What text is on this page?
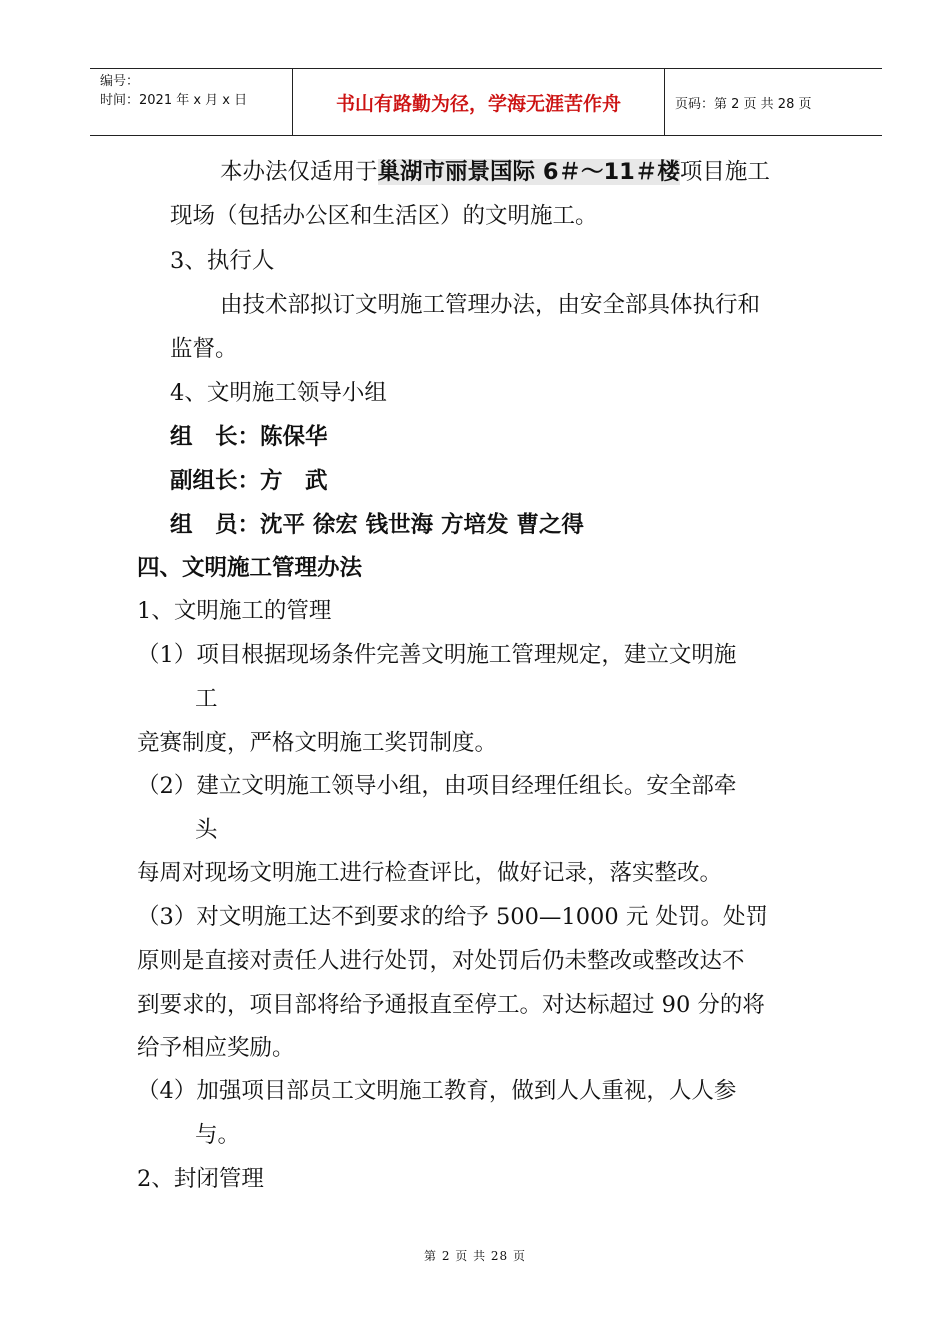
编号：
时间：2021 年 x 月 x 日	书山有路勤为径，学海无涯苦作舟	页码：第 2 页 共 28 页
本办法仅适用于巢湖市丽景国际 6＃～11＃楼项目施工
现场（包括办公区和生活区）的文明施工。
3、执行人
由技术部拟订文明施工管理办法，由安全部具体执行和
监督。
4、文明施工领导小组
组　长：陈保华
副组长：方　武
组　员：沈平 徐宏 钱世海 方培发 曹之得
四、文明施工管理办法
1、文明施工的管理
（1）项目根据现场条件完善文明施工管理规定，建立文明施
工
竞赛制度，严格文明施工奖罚制度。
（2）建立文明施工领导小组，由项目经理任组长。安全部牵
头
每周对现场文明施工进行检查评比，做好记录，落实整改。
（3）对文明施工达不到要求的给予 500—1000 元 处罚。处罚
原则是直接对责任人进行处罚，对处罚后仍未整改或整改达不
到要求的，项目部将给予通报直至停工。对达标超过 90 分的将
给予相应奖励。
（4）加强项目部员工文明施工教育，做到人人重视，人人参
与。
2、封闭管理
第 2 页 共 28 页
